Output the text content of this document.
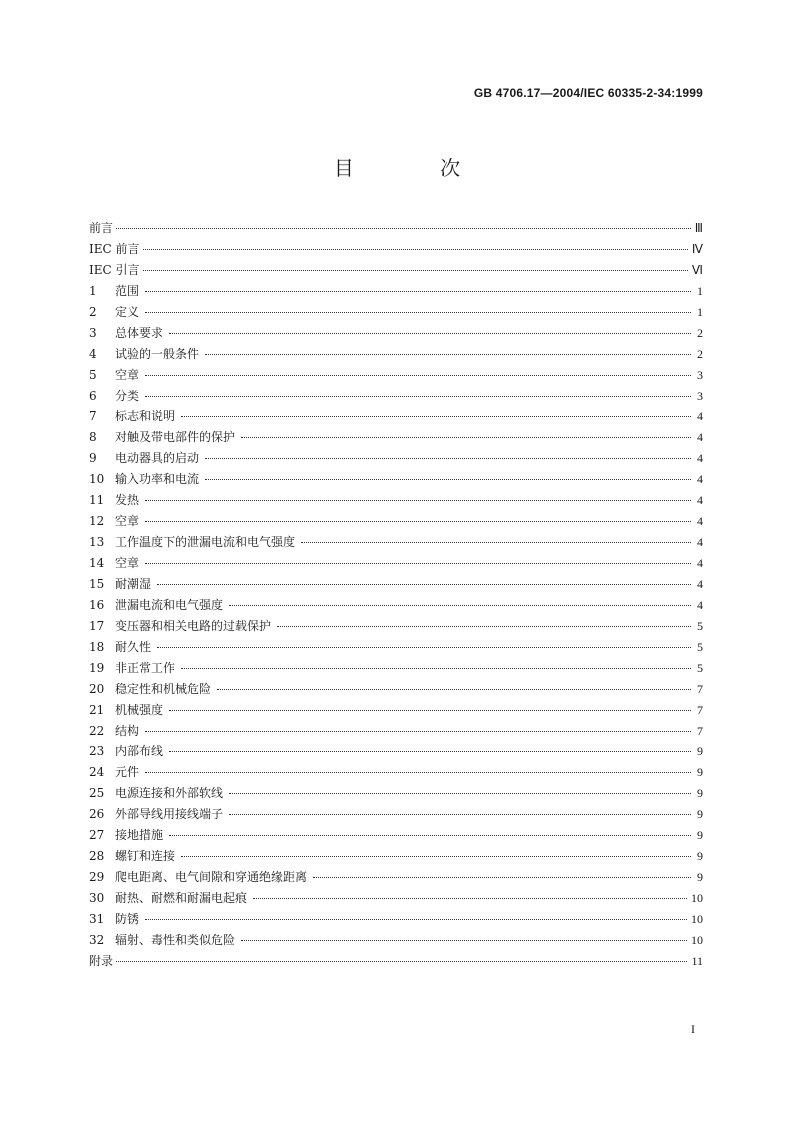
GB 4706.17—2004/IEC 60335-2-34:1999
目 次
前言	Ⅲ
IEC 前言	Ⅳ
IEC 引言	Ⅵ
1	范围	1
2	定义	1
3	总体要求	2
4	试验的一般条件	2
5	空章	3
6	分类	3
7	标志和说明	4
8	对触及带电部件的保护	4
9	电动器具的启动	4
10 输入功率和电流	4
11 发热	4
12 空章	4
13 工作温度下的泄漏电流和电气强度	4
14 空章	4
15 耐潮湿	4
16 泄漏电流和电气强度	4
17 变压器和相关电路的过载保护	5
18 耐久性	5
19 非正常工作	5
20 稳定性和机械危险	7
21 机械强度	7
22 结构	7
23 内部布线	9
24 元件	9
25 电源连接和外部软线	9
26 外部导线用接线端子	9
27 接地措施	9
28 螺钉和连接	9
29 爬电距离、电气间隙和穿通绝缘距离	9
30 耐热、耐燃和耐漏电起痕	10
31 防锈	10
32 辐射、毒性和类似危险	10
附录	11
I
